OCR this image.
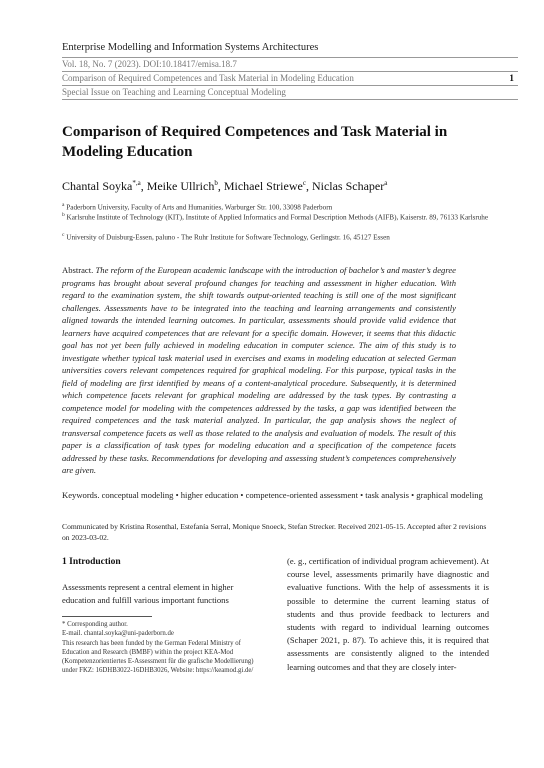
Enterprise Modelling and Information Systems Architectures
Vol. 18, No. 7 (2023). DOI:10.18417/emisa.18.7
Comparison of Required Competences and Task Material in Modeling Education	1
Special Issue on Teaching and Learning Conceptual Modeling
Comparison of Required Competences and Task Material in Modeling Education
Chantal Soyka$^{*,a}$, Meike Ullrich$^b$, Michael Striewe$^c$, Niclas Schaper$^a$
$^a$ Paderborn University, Faculty of Arts and Humanities, Warburger Str. 100, 33098 Paderborn
$^b$ Karlsruhe Institute of Technology (KIT), Institute of Applied Informatics and Formal Description Methods (AIFB), Kaiserstr. 89, 76133 Karlsruhe
$^c$ University of Duisburg-Essen, paluno - The Ruhr Institute for Software Technology, Gerlingstr. 16, 45127 Essen
Abstract. The reform of the European academic landscape with the introduction of bachelor’s and master’s degree programs has brought about several profound changes for teaching and assessment in higher education. With regard to the examination system, the shift towards output-oriented teaching is still one of the most significant challenges. Assessments have to be integrated into the teaching and learning arrangements and consistently aligned towards the intended learning outcomes. In particular, assessments should provide valid evidence that learners have acquired competences that are relevant for a specific domain. However, it seems that this didactic goal has not yet been fully achieved in modeling education in computer science. The aim of this study is to investigate whether typical task material used in exercises and exams in modeling education at selected German universities covers relevant competences required for graphical modeling. For this purpose, typical tasks in the field of modeling are first identified by means of a content-analytical procedure. Subsequently, it is determined which competence facets relevant for graphical modeling are addressed by the task types. By contrasting a competence model for modeling with the competences addressed by the tasks, a gap was identified between the required competences and the task material analyzed. In particular, the gap analysis shows the neglect of transversal competence facets as well as those related to the analysis and evaluation of models. The result of this paper is a classification of task types for modeling education and a specification of the competence facets addressed by these tasks. Recommendations for developing and assessing student’s competences comprehensively are given.
Keywords. conceptual modeling • higher education • competence-oriented assessment • task analysis • graphical modeling
Communicated by Kristina Rosenthal, Estefanía Serral, Monique Snoeck, Stefan Strecker. Received 2021-05-15. Accepted after 2 revisions on 2023-03-02.
1 Introduction
Assessments represent a central element in higher education and fulfill various important functions
* Corresponding author.
E-mail. chantal.soyka@uni-paderborn.de
This research has been funded by the German Federal Ministry of Education and Research (BMBF) within the project KEA-Mod (Kompetenzorientiertes E-Assessment für die grafische Modellierung) under FKZ: 16DHB3022-16DHB3026, Website: https://keamod.gi.de/
(e. g., certification of individual program achievement). At course level, assessments primarily have diagnostic and evaluative functions. With the help of assessments it is possible to determine the current learning status of students and thus provide feedback to lecturers and students with regard to individual learning outcomes (Schaper 2021, p. 87). To achieve this, it is required that assessments are consistently aligned to the intended learning outcomes and that they are closely inter-
